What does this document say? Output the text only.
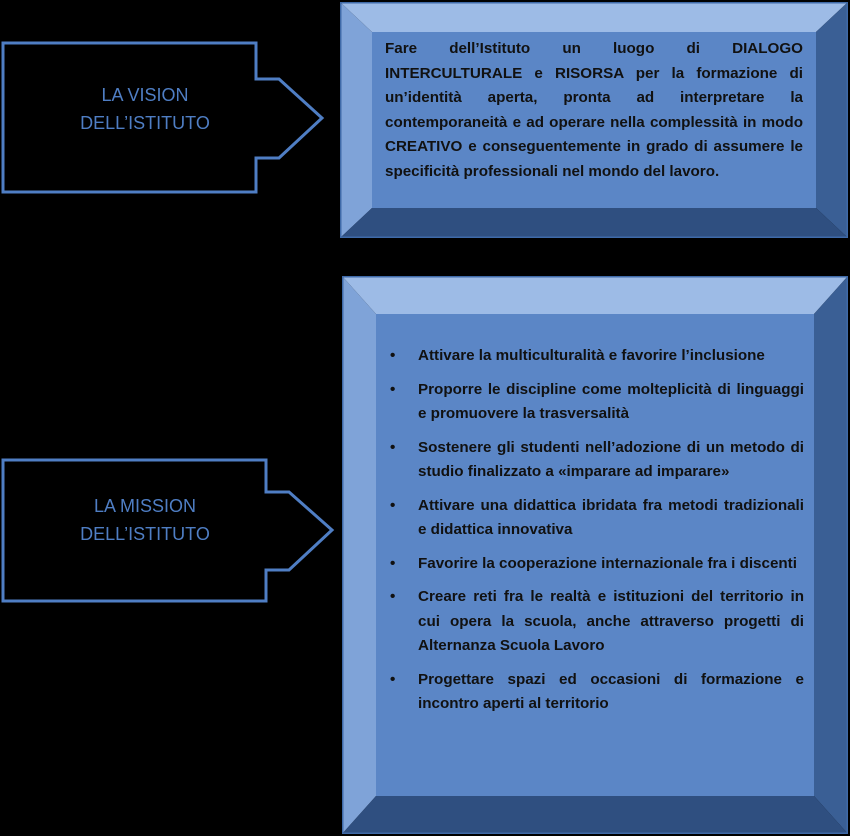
LA VISION
DELL’ISTITUTO
LA MISSION
DELL’ISTITUTO
Fare dell’Istituto un luogo di DIALOGO INTERCULTURALE e RISORSA per la formazione di un’identità aperta, pronta ad interpretare la contemporaneità e ad operare nella complessità in modo CREATIVO e conseguentemente in grado di assumere le specificità professionali nel mondo del lavoro.
•	Attivare la multiculturalità e favorire l’inclusione
•	Proporre le discipline come molteplicità di linguaggi e promuovere la trasversalità
•	Sostenere gli studenti nell’adozione di un metodo di studio finalizzato a «imparare ad imparare»
•	Attivare una didattica ibridata fra metodi tradizionali e didattica innovativa
•	Favorire la cooperazione internazionale fra i discenti
•	Creare reti fra le realtà e istituzioni del territorio in cui opera la scuola, anche attraverso progetti di Alternanza Scuola Lavoro
•	Progettare spazi ed occasioni di formazione e incontro aperti al territorio
